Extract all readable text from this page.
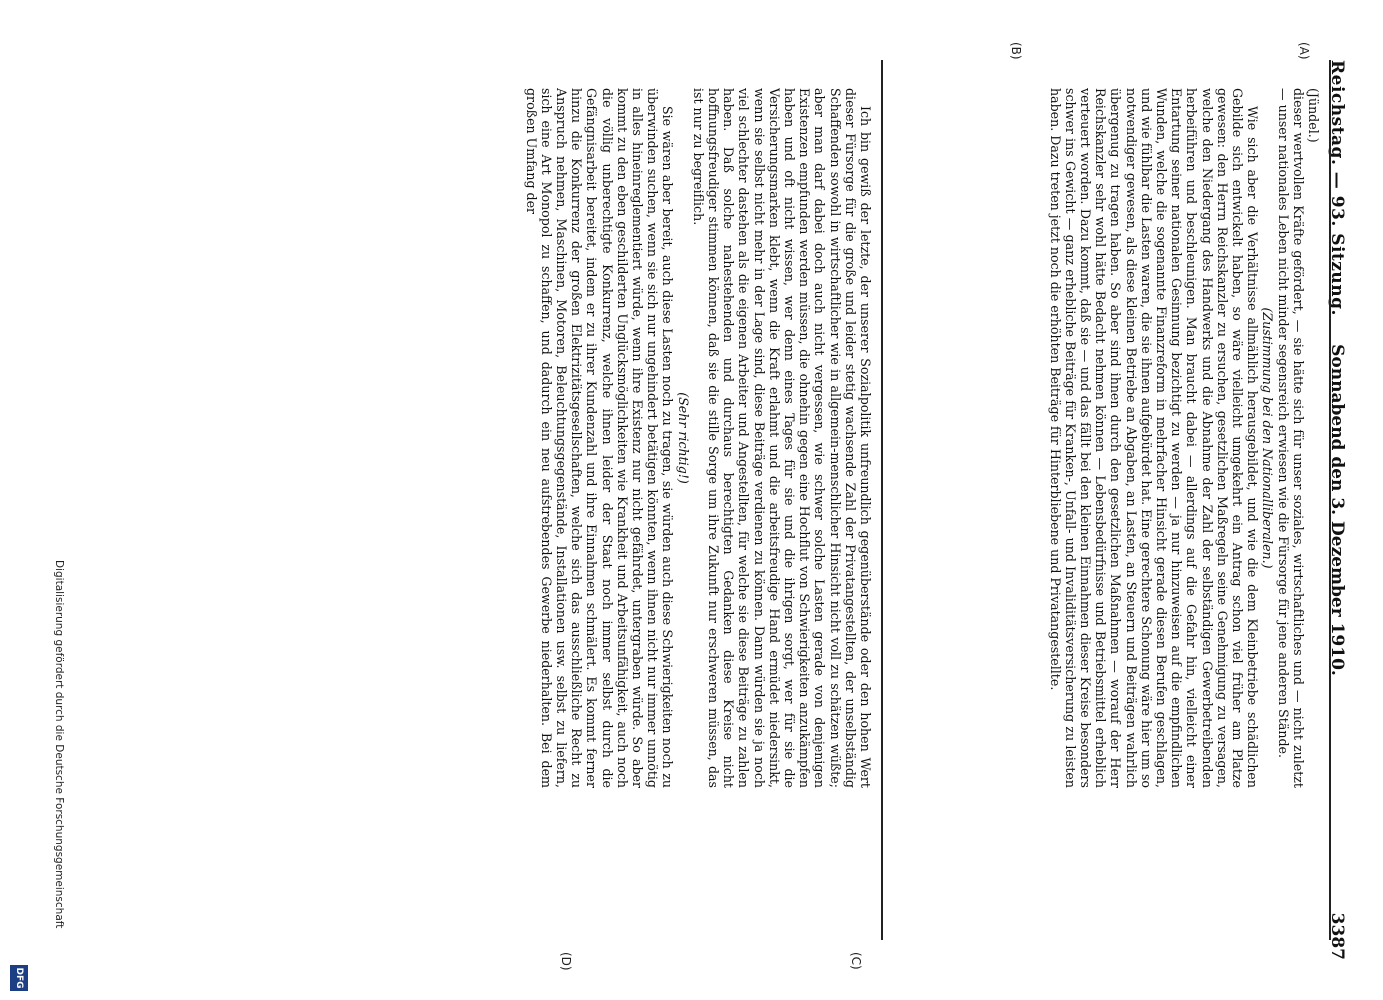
Reichstag. — 93. Sitzung.
Sonnabend den 3. Dezember 1910.
3387
(A)
(B)
(C)
(D)

(Jündel.)

dieser wertvollen Kräfte gefördert, — sie hätte sich für unser soziales, wirtschaftliches und — nicht zuletzt — unser nationales Leben nicht minder segensreich erwiesen wie die Fürsorge für jene anderen Stände.

(Zustimmung bei den Nationalliberalen.)

Wie sich aber die Verhältnisse allmählich herausgebildet, und wie die dem Kleinbetriebe schädlichen Gebilde sich entwickelt haben, so wäre vielleicht umgekehrt ein Antrag schon viel früher am Platze gewesen: den Herrn Reichskanzler zu ersuchen, gesetzlichen Maßregeln seine Genehmigung zu versagen, welche den Niedergang des Handwerks und die Abnahme der Zahl der selbständigen Gewerbetreibenden herbeiführen und beschleunigen. Man braucht dabei — allerdings auf die Gefahr hin, vielleicht einer Entartung seiner nationalen Gesinnung bezichtigt zu werden — ja nur hinzuweisen auf die empfindlichen Wunden, welche die sogenannte Finanzreform in mehrfacher Hinsicht gerade diesen Berufen geschlagen, und wie fühlbar die Lasten waren, die sie ihnen aufgebürdet hat. Eine gerechtere Schonung wäre hier um so notwendiger gewesen, als diese kleinen Betriebe an Abgaben, an Lasten, an Steuern und Beiträgen wahrlich übergenug zu tragen haben. So aber sind ihnen durch den gesetzlichen Maßnahmen — worauf der Herr Reichskanzler sehr wohl hätte Bedacht nehmen können — Lebensbedürfnisse und Betriebsmittel erheblich verteuert worden. Dazu kommt, daß sie — und das fällt bei den kleinen Einnahmen dieser Kreise besonders schwer ins Gewicht — ganz erhebliche Beiträge für Kranken-, Unfall- und Invaliditätsversicherung zu leisten haben. Dazu treten jetzt noch die erhöhten Beiträge für Hinterbliebene und Privatangestellte.

Ich bin gewiß der letzte, der unserer Sozialpolitik unfreundlich gegenüberstände oder den hohen Wert dieser Fürsorge für die große und leider stetig wachsende Zahl der Privatangestellten, der unselbständig Schaffenden sowohl in wirtschaftlicher wie in allgemein-menschlicher Hinsicht nicht voll zu schätzen wüßte; aber man darf dabei doch auch nicht vergessen, wie schwer solche Lasten gerade von denjenigen Existenzen empfunden werden müssen, die ohnehin gegen eine Hochflut von Schwierigkeiten anzukämpfen haben und oft nicht wissen, wer denn eines Tages für sie und die ihrigen sorgt, wer für sie die Versicherungsmarken klebt, wenn die Kraft erlahmt und die arbeitsfreudige Hand ermüdet niedersinkt, wenn sie selbst nicht mehr in der Lage sind, diese Beiträge verdienen zu können. Dann würden sie ja noch viel schlechter dastehen als die eigenen Arbeiter und Angestellten, für welche sie diese Beiträge zu zahlen haben. Daß solche nahestehenden und durchaus berechtigten Gedanken diese Kreise nicht hoffnungsfreudiger stimmen können, daß sie die stille Sorge um ihre Zukunft nur erschweren müssen, das ist nur zu begreiflich.

(Sehr richtig!)

Sie wären aber bereit, auch diese Lasten noch zu tragen, sie würden auch diese Schwierigkeiten noch zu überwinden suchen, wenn sie sich nur ungehindert betätigen könnten, wenn ihnen nicht nur immer unnötig in alles hineinreglementiert würde, wenn ihre Existenz nur nicht gefährdet, untergraben würde. So aber kommt zu den eben geschilderten Unglücksmöglichkeiten wie Krankheit und Arbeitsunfähigkeit, auch noch die völlig unberechtigte Konkurrenz, welche ihnen leider der Staat noch immer selbst durch die Gefängnisarbeit bereitet, indem er zu ihrer Kundenzahl und ihre Einnahmen schmälert. Es kommt ferner hinzu die Konkurrenz der großen Elektrizitätsgesellschaften, welche sich das ausschließliche Recht zu Anspruch nehmen, Maschinen, Motoren, Beleuchtungsgegenstände, Installationen usw. selbst zu liefern, sich eine Art Monopol zu schaffen, und dadurch ein neu aufstrebendes Gewerbe niederhalten. Bei dem großen Umfang der

Digitalisierung gefördert durch die Deutsche Forschungsgemeinschaft
DFG
